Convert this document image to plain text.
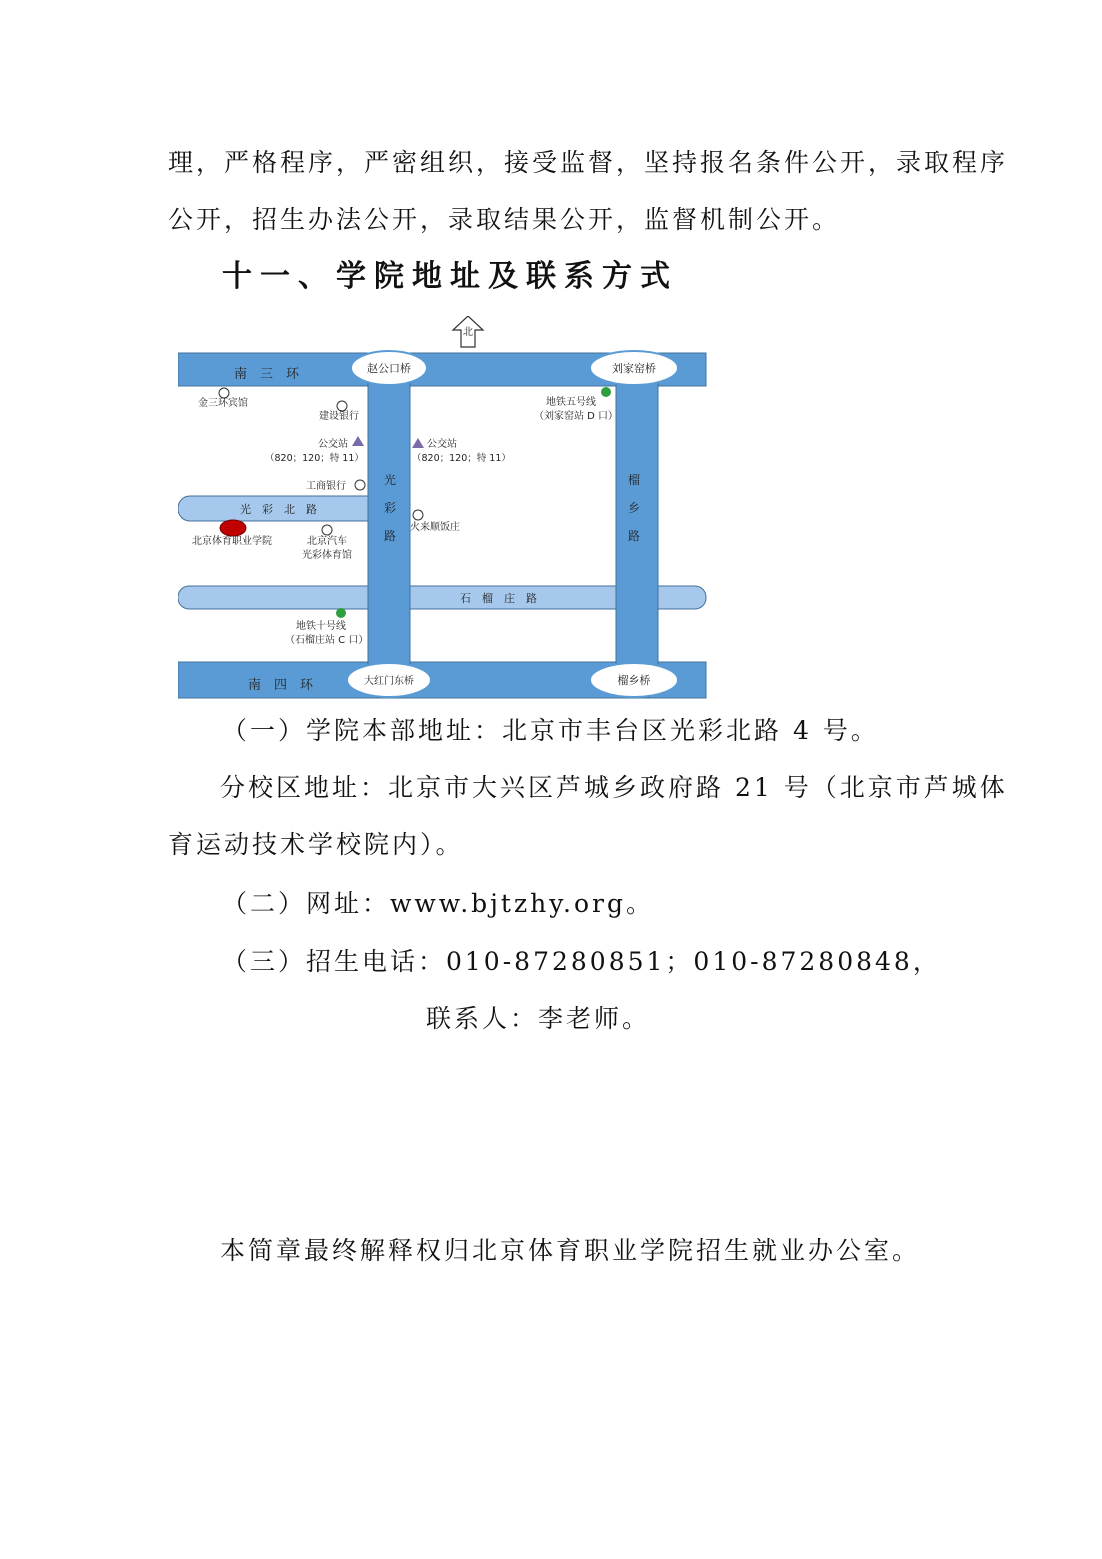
理，严格程序，严密组织，接受监督，坚持报名条件公开，录取程序
公开，招生办法公开，录取结果公开，监督机制公开。
十一、学院地址及联系方式
北
南　三　环
南　四　环
光　彩　北　路
石　榴　庄　路
光
彩
路
榴
乡
路
赵公口桥	刘家窑桥
大红门东桥	榴乡桥
金三环宾馆
建设银行
公交站
（820；120；特 11）
公交站
（820；120；特 11）
工商银行
火来顺饭庄
北京体育职业学院	北京汽车
光彩体育馆
地铁五号线
（刘家窑站 D 口）
地铁十号线
（石榴庄站 C 口）
（一）学院本部地址：北京市丰台区光彩北路 4 号。
分校区地址：北京市大兴区芦城乡政府路 21 号（北京市芦城体
育运动技术学校院内）。
（二）网址：www.bjtzhy.org。
（三）招生电话：010-87280851；010-87280848，
联系人：李老师。
本简章最终解释权归北京体育职业学院招生就业办公室。
